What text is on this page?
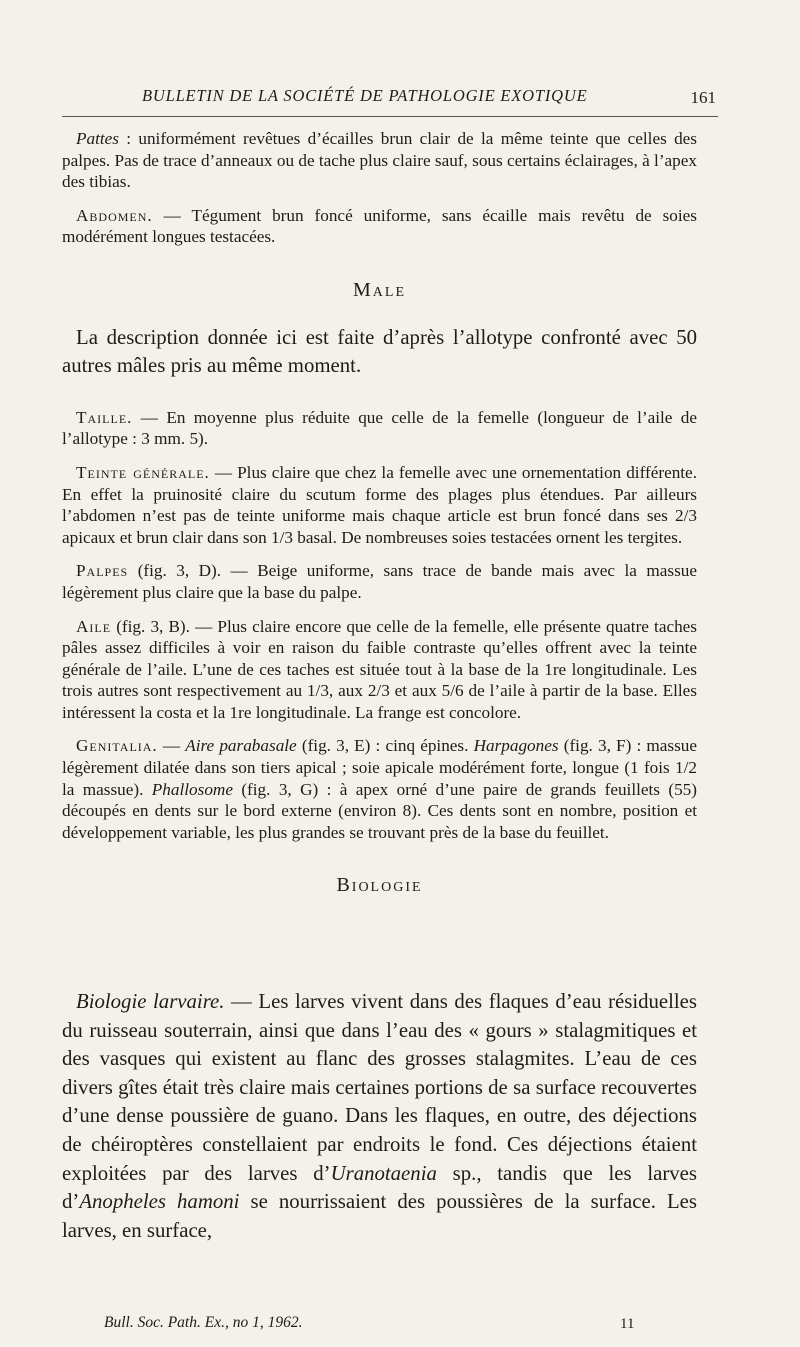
BULLETIN DE LA SOCIÉTÉ DE PATHOLOGIE EXOTIQUE	161

Pattes : uniformément revêtues d’écailles brun clair de la même teinte que celles des palpes. Pas de trace d’anneaux ou de tache plus claire sauf, sous certains éclairages, à l’apex des tibias.

Abdomen. — Tégument brun foncé uniforme, sans écaille mais revêtu de soies modérément longues testacées.

Male

La description donnée ici est faite d’après l’allotype confronté avec 50 autres mâles pris au même moment.

Taille. — En moyenne plus réduite que celle de la femelle (longueur de l’aile de l’allotype : 3 mm. 5).

Teinte générale. — Plus claire que chez la femelle avec une ornementation différente. En effet la pruinosité claire du scutum forme des plages plus étendues. Par ailleurs l’abdomen n’est pas de teinte uniforme mais chaque article est brun foncé dans ses 2/3 apicaux et brun clair dans son 1/3 basal. De nombreuses soies testacées ornent les tergites.

Palpes (fig. 3, D). — Beige uniforme, sans trace de bande mais avec la massue légèrement plus claire que la base du palpe.

Aile (fig. 3, B). — Plus claire encore que celle de la femelle, elle présente quatre taches pâles assez difficiles à voir en raison du faible contraste qu’elles offrent avec la teinte générale de l’aile. L’une de ces taches est située tout à la base de la 1re longitudinale. Les trois autres sont respectivement au 1/3, aux 2/3 et aux 5/6 de l’aile à partir de la base. Elles intéressent la costa et la 1re longitudinale. La frange est concolore.

Genitalia. — Aire parabasale (fig. 3, E) : cinq épines. Harpagones (fig. 3, F) : massue légèrement dilatée dans son tiers apical ; soie apicale modérément forte, longue (1 fois 1/2 la massue). Phallosome (fig. 3, G) : à apex orné d’une paire de grands feuillets (55) découpés en dents sur le bord externe (environ 8). Ces dents sont en nombre, position et développement variable, les plus grandes se trouvant près de la base du feuillet.

Biologie

Biologie larvaire. — Les larves vivent dans des flaques d’eau résiduelles du ruisseau souterrain, ainsi que dans l’eau des « gours » stalagmitiques et des vasques qui existent au flanc des grosses stalagmites. L’eau de ces divers gîtes était très claire mais certaines portions de sa surface recouvertes d’une dense poussière de guano. Dans les flaques, en outre, des déjections de chéiroptères constellaient par endroits le fond. Ces déjections étaient exploitées par des larves d’Uranotaenia sp., tandis que les larves d’Anopheles hamoni se nourrissaient des poussières de la surface. Les larves, en surface,

Bull. Soc. Path. Ex., no 1, 1962.	11
